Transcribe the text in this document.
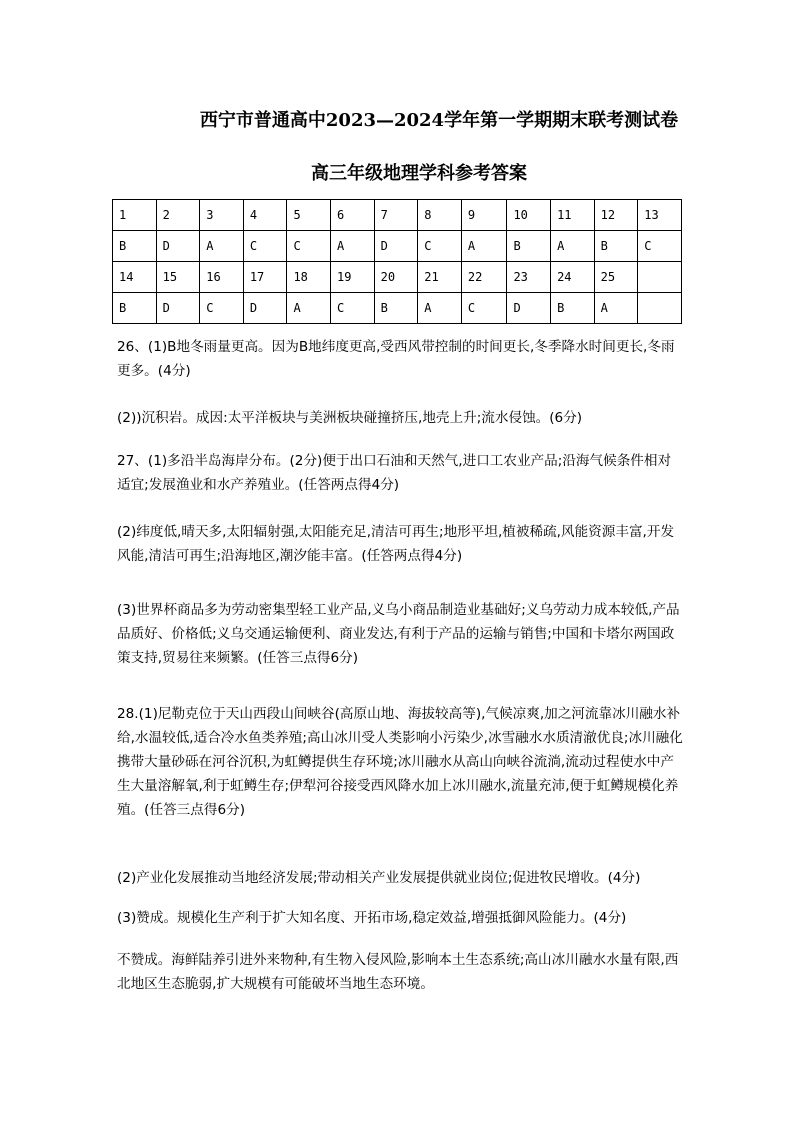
西宁市普通高中2023—2024学年第一学期期末联考测试卷
高三年级地理学科参考答案
1	2	3	4	5	6	7	8	9	10	11	12	13
B	D	A	C	C	A	D	C	A	B	A	B	C
14	15	16	17	18	19	20	21	22	23	24	25	
B	D	C	D	A	C	B	A	C	D	B	A	
26、(1)B地冬雨量更高。因为B地纬度更高,受西风带控制的时间更长,冬季降水时间更长,冬雨更多。(4分)
(2))沉积岩。成因:太平洋板块与美洲板块碰撞挤压,地壳上升;流水侵蚀。(6分)
27、(1)多沿半岛海岸分布。(2分)便于出口石油和天然气,进口工农业产品;沿海气候条件相对适宜;发展渔业和水产养殖业。(任答两点得4分)
(2)纬度低,晴天多,太阳辐射强,太阳能充足,清洁可再生;地形平坦,植被稀疏,风能资源丰富,开发风能,清洁可再生;沿海地区,潮汐能丰富。(任答两点得4分)
(3)世界杯商品多为劳动密集型轻工业产品,义乌小商品制造业基础好;义乌劳动力成本较低,产品品质好、价格低;义乌交通运输便利、商业发达,有利于产品的运输与销售;中国和卡塔尔两国政策支持,贸易往来频繁。(任答三点得6分)
28.(1)尼勒克位于天山西段山间峡谷(高原山地、海拔较高等),气候凉爽,加之河流靠冰川融水补给,水温较低,适合冷水鱼类养殖;高山冰川受人类影响小污染少,冰雪融水水质清澈优良;冰川融化携带大量砂砾在河谷沉积,为虹鳟提供生存环境;冰川融水从高山向峡谷流淌,流动过程使水中产生大量溶解氧,利于虹鳟生存;伊犁河谷接受西风降水加上冰川融水,流量充沛,便于虹鳟规模化养殖。(任答三点得6分)
(2)产业化发展推动当地经济发展;带动相关产业发展提供就业岗位;促进牧民增收。(4分)
(3)赞成。规模化生产利于扩大知名度、开拓市场,稳定效益,增强抵御风险能力。(4分)
不赞成。海鲜陆养引进外来物种,有生物入侵风险,影响本土生态系统;高山冰川融水水量有限,西北地区生态脆弱,扩大规模有可能破坏当地生态环境。
